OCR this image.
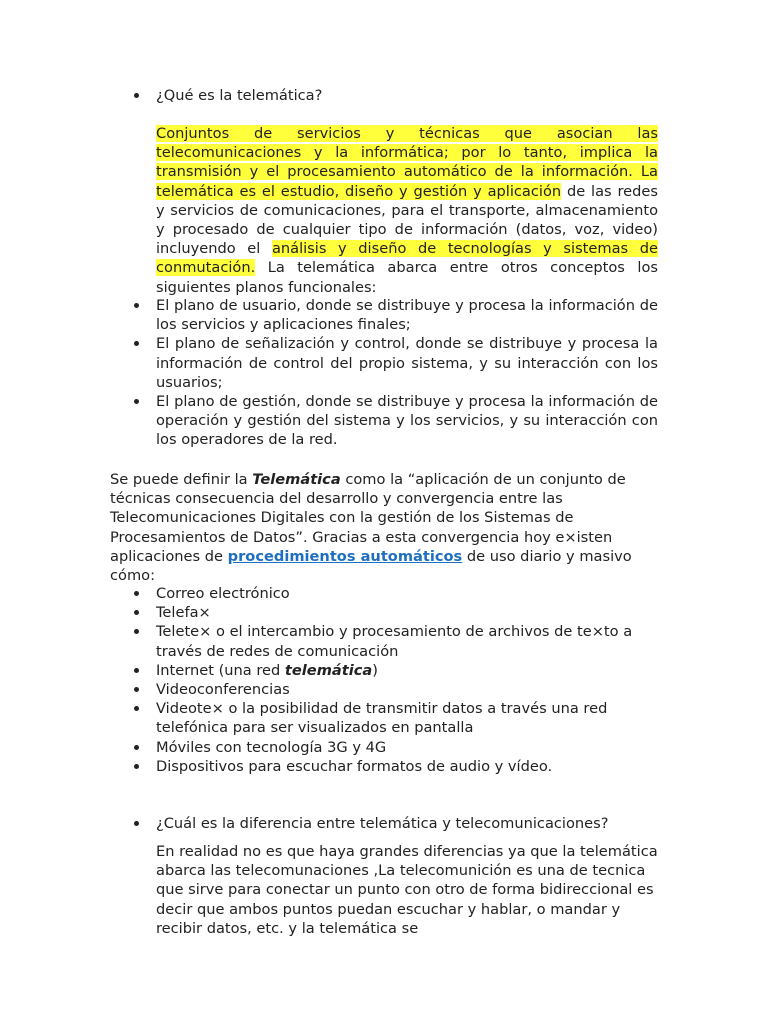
¿Qué es la telemática?
Conjuntos de servicios y técnicas que asocian las telecomunicaciones y la informática; por lo tanto, implica la transmisión y el procesamiento automático de la información. La telemática es el estudio, diseño y gestión y aplicación de las redes y servicios de comunicaciones, para el transporte, almacenamiento y procesado de cualquier tipo de información (datos, voz, video) incluyendo el análisis y diseño de tecnologías y sistemas de conmutación. La telemática abarca entre otros conceptos los siguientes planos funcionales:
El plano de usuario, donde se distribuye y procesa la información de los servicios y aplicaciones finales;
El plano de señalización y control, donde se distribuye y procesa la información de control del propio sistema, y su interacción con los usuarios;
El plano de gestión, donde se distribuye y procesa la información de operación y gestión del sistema y los servicios, y su interacción con los operadores de la red.
Se puede definir la Telemática como la “aplicación de un conjunto de técnicas consecuencia del desarrollo y convergencia entre las Telecomunicaciones Digitales con la gestión de los Sistemas de Procesamientos de Datos”. Gracias a esta convergencia hoy e×isten aplicaciones de procedimientos automáticos de uso diario y masivo cómo:
Correo electrónico
Telefa×
Telete× o el intercambio y procesamiento de archivos de te×to a través de redes de comunicación
Internet (una red telemática)
Videoconferencias
Videote× o la posibilidad de transmitir datos a través una red telefónica para ser visualizados en pantalla
Móviles con tecnología 3G y 4G
Dispositivos para escuchar formatos de audio y vídeo.
¿Cuál es la diferencia entre telemática y telecomunicaciones?
En realidad no es que haya grandes diferencias ya que la telemática abarca las telecomunaciones ,La telecomunición es una de tecnica que sirve para conectar un punto con otro de forma bidireccional es decir que ambos puntos puedan escuchar y hablar, o mandar y recibir datos, etc. y la telemática se
